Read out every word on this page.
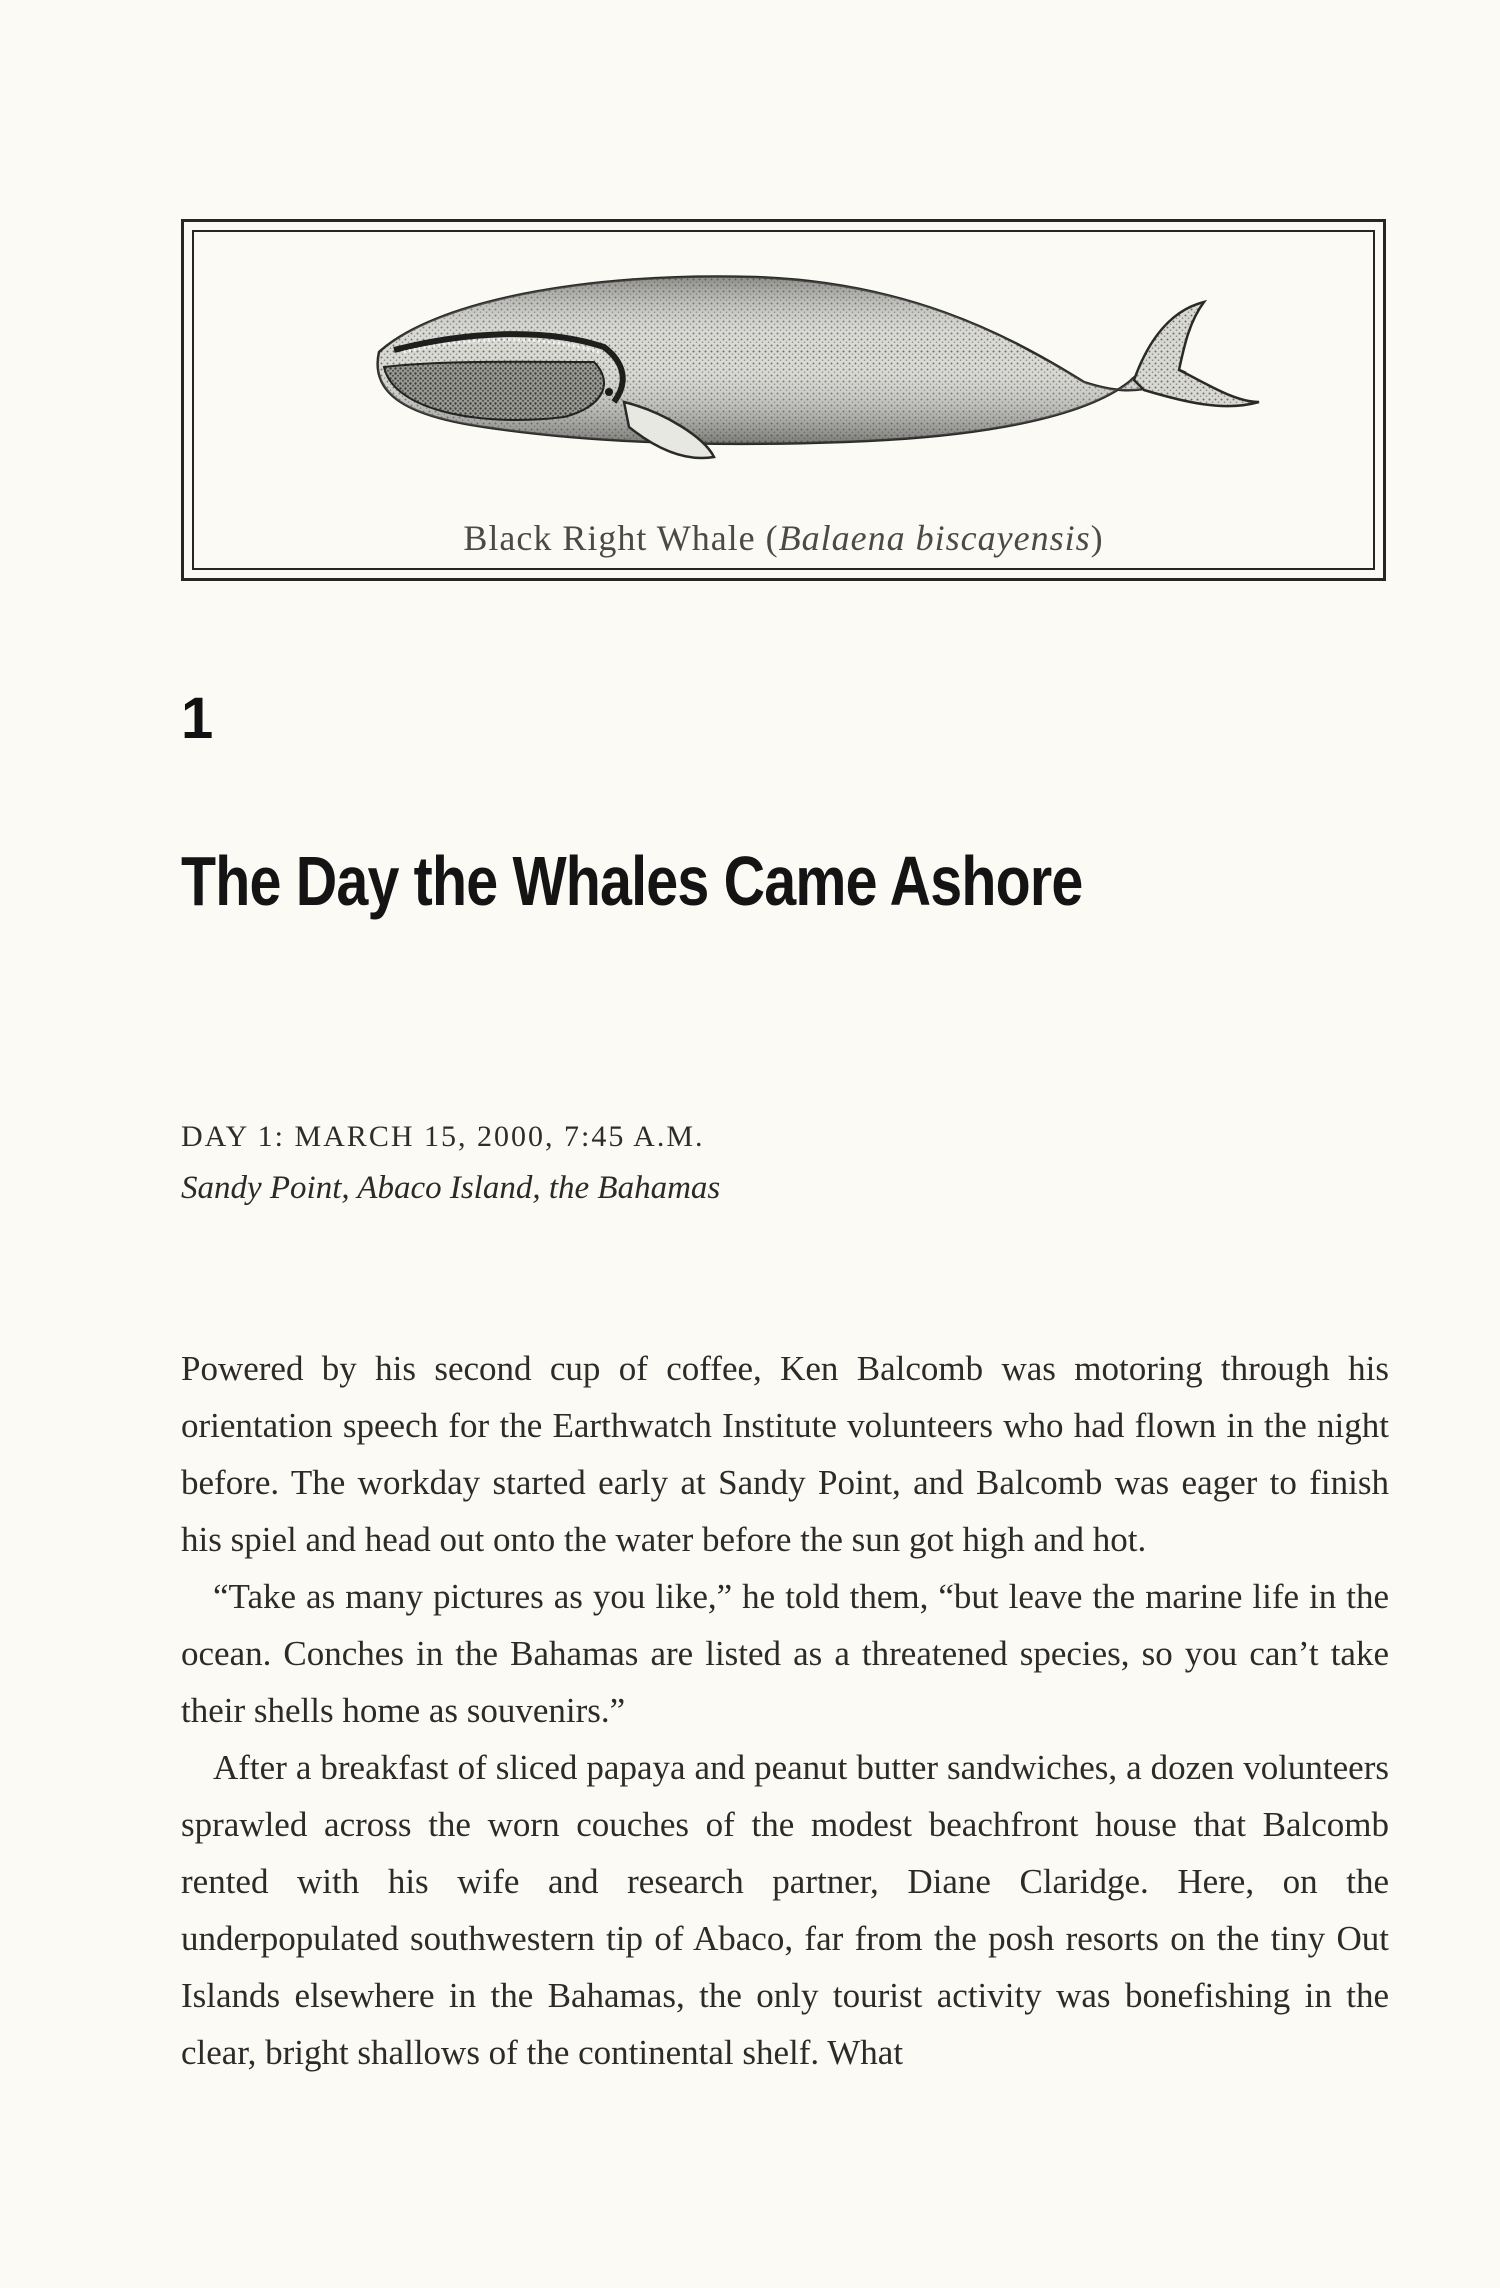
Black Right Whale (Balaena biscayensis)
1
The Day the Whales Came Ashore
DAY 1: MARCH 15, 2000, 7:45 A.M.
Sandy Point, Abaco Island, the Bahamas

Powered by his second cup of coffee, Ken Balcomb was motoring through his orientation speech for the Earthwatch Institute volunteers who had flown in the night before. The workday started early at Sandy Point, and Balcomb was eager to finish his spiel and head out onto the water before the sun got high and hot.

“Take as many pictures as you like,” he told them, “but leave the marine life in the ocean. Conches in the Bahamas are listed as a threatened species, so you can’t take their shells home as souvenirs.”

After a breakfast of sliced papaya and peanut butter sandwiches, a dozen volunteers sprawled across the worn couches of the modest beachfront house that Balcomb rented with his wife and research partner, Diane Claridge. Here, on the underpopulated southwestern tip of Abaco, far from the posh resorts on the tiny Out Islands elsewhere in the Bahamas, the only tourist activity was bonefishing in the clear, bright shallows of the continental shelf. What
